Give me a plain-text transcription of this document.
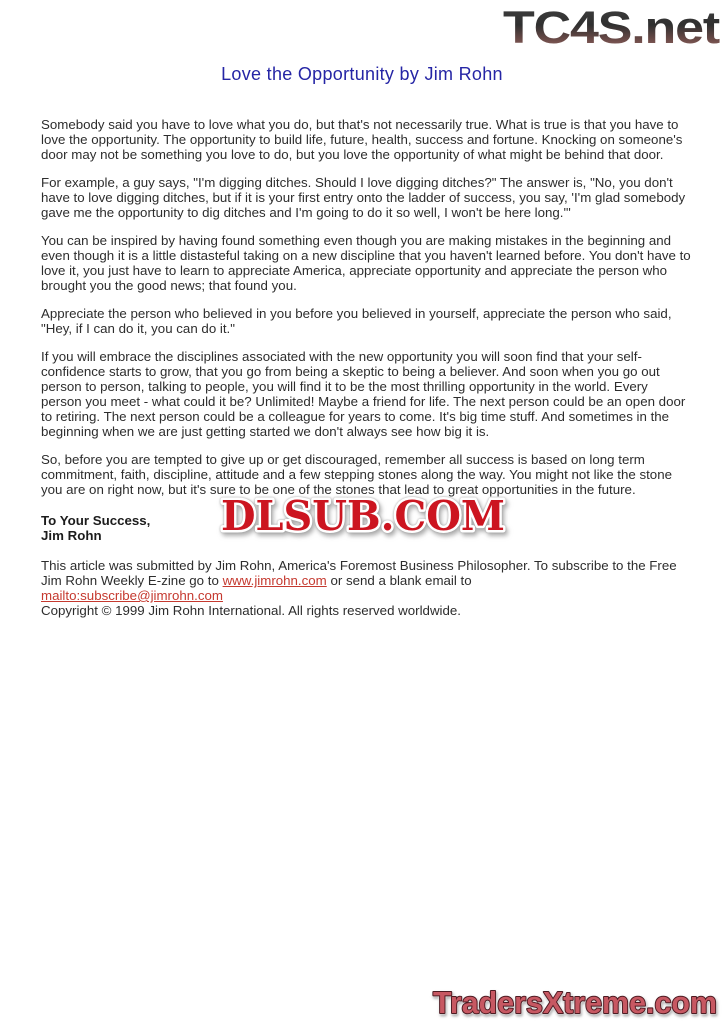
TC4S.net
Love the Opportunity by Jim Rohn

Somebody said you have to love what you do, but that's not necessarily true. What is true is that you have to love the opportunity. The opportunity to build life, future, health, success and fortune. Knocking on someone's door may not be something you love to do, but you love the opportunity of what might be behind that door.

For example, a guy says, "I'm digging ditches. Should I love digging ditches?" The answer is, "No, you don't have to love digging ditches, but if it is your first entry onto the ladder of success, you say, 'I'm glad somebody gave me the opportunity to dig ditches and I'm going to do it so well, I won't be here long.'"

You can be inspired by having found something even though you are making mistakes in the beginning and even though it is a little distasteful taking on a new discipline that you haven't learned before. You don't have to love it, you just have to learn to appreciate America, appreciate opportunity and appreciate the person who brought you the good news; that found you.

Appreciate the person who believed in you before you believed in yourself, appreciate the person who said, "Hey, if I can do it, you can do it."

If you will embrace the disciplines associated with the new opportunity you will soon find that your self-confidence starts to grow, that you go from being a skeptic to being a believer. And soon when you go out person to person, talking to people, you will find it to be the most thrilling opportunity in the world. Every person you meet - what could it be? Unlimited! Maybe a friend for life. The next person could be an open door to retiring. The next person could be a colleague for years to come. It's big time stuff. And sometimes in the beginning when we are just getting started we don't always see how big it is.

So, before you are tempted to give up or get discouraged, remember all success is based on long term commitment, faith, discipline, attitude and a few stepping stones along the way. You might not like the stone you are on right now, but it's sure to be one of the stones that lead to great opportunities in the future.

To Your Success,
Jim Rohn

This article was submitted by Jim Rohn, America's Foremost Business Philosopher. To subscribe to the Free Jim Rohn Weekly E-zine go to www.jimrohn.com or send a blank email to
mailto:subscribe@jimrohn.com
Copyright © 1999 Jim Rohn International. All rights reserved worldwide.

DLSUB.COM
TradersXtreme.com
